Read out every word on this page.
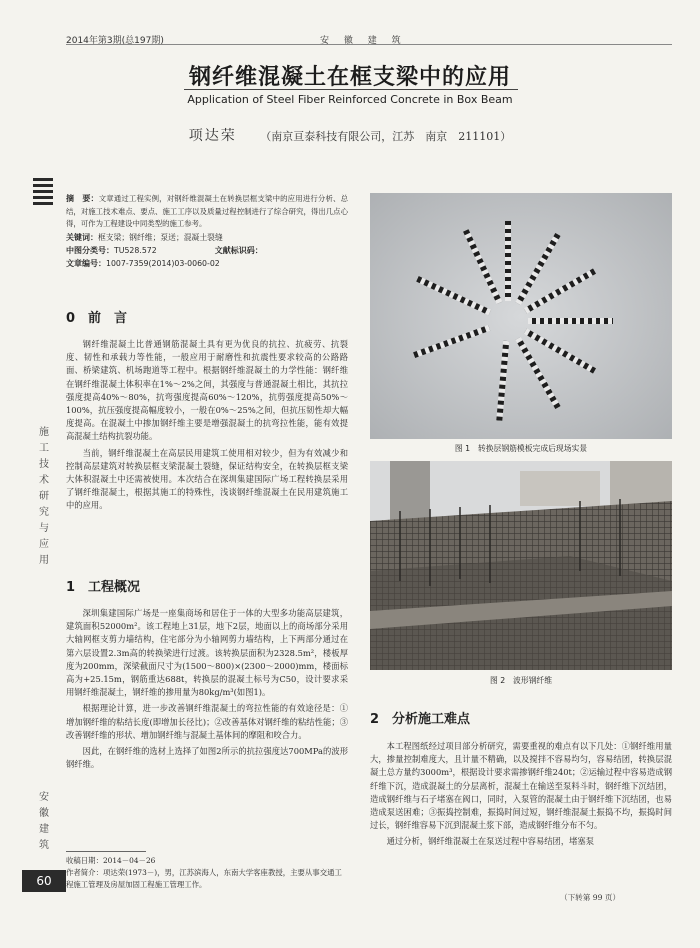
2014年第3期(总197期)	安 徽 建 筑
钢纤维混凝土在框支梁中的应用
Application of Steel Fiber Reinforced Concrete in Box Beam
项达荣 （南京亘泰科技有限公司，江苏　南京　211101）
施工技术研究与应用
安徽建筑
摘　要：文章通过工程实例，对钢纤维混凝土在转换层框支梁中的应用进行分析、总结，对施工技术难点、要点、施工工序以及质量过程控制进行了综合研究，得出几点心得，可作为工程建设中同类型的施工参考。
关键词：框支梁；钢纤维；泵送；混凝土裂缝
中图分类号：TU528.572	文献标识码：
文章编号：1007-7359(2014)03-0060-02
0　前　言

钢纤维混凝土比普通钢筋混凝土具有更为优良的抗拉、抗疲劳、抗裂度、韧性和承载力等性能，一般应用于耐磨性和抗震性要求较高的公路路面、桥梁建筑、机场跑道等工程中。根据钢纤维混凝土的力学性能：钢纤维在钢纤维混凝土体积率在1%～2%之间，其强度与普通混凝土相比，其抗拉强度提高40%～80%，抗弯强度提高60%～120%，抗剪强度提高50%～100%，抗压强度提高幅度较小，一般在0%～25%之间，但抗压韧性却大幅度提高。在混凝土中掺加钢纤维主要是增强混凝土的抗弯拉性能，能有效提高混凝土结构抗裂功能。

当前，钢纤维混凝土在高层民用建筑工使用相对较少，但为有效减少和控制高层建筑对转换层框支梁混凝土裂缝，保证结构安全，在转换层框支梁大体积混凝土中还需被使用。本次结合在深圳集建国际广场工程转换层采用了钢纤维混凝土，根据其施工的特殊性，浅谈钢纤维混凝土在民用建筑施工中的应用。

1　工程概况

深圳集建国际广场是一座集商场和居住于一体的大型多功能高层建筑，建筑面积52000m²。该工程地上31层，地下2层，地面以上的商场部分采用大轴网框支剪力墙结构，住宅部分为小轴网剪力墙结构，上下两部分通过在第六层设置2.3m高的转换梁进行过渡。该转换层面积为2328.5m²，楼板厚度为200mm，深梁截面尺寸为(1500～800)×(2300～2000)mm，楼面标高为+25.15m，钢筋重达688t，转换层的混凝土标号为C50，设计要求采用钢纤维混凝土，钢纤维的掺用量为80kg/m³(如图1)。

根据理论计算，进一步改善钢纤维混凝土的弯拉性能的有效途径是：①增加钢纤维的粘结长度(即增加长径比)；②改善基体对钢纤维的粘结性能；③改善钢纤维的形状、增加钢纤维与混凝土基体间的摩阻和咬合力。

因此，在钢纤维的选材上选择了如图2所示的抗拉强度达700MPa的波形钢纤维。

图 1　转换层钢筋模板完成后现场实景
图 2　波形钢纤维
2　分析施工难点

本工程图纸经过项目部分析研究，需要重视的难点有以下几处：①钢纤维用量大，掺量控制难度大，且计量不精确，以及搅拌不容易均匀，容易结团，转换层混凝土总方量约3000m³，根据设计要求需掺钢纤维240t；②运输过程中容易造成钢纤维下沉，造成混凝土的分层离析，混凝土在输送至泵料斗时，钢纤维下沉结团，造成钢纤维与石子堵塞在阀口，同时，入泵管的混凝土由于钢纤维下沉结团，也易造成泵送困难；③振捣控制难，振捣时间过短，钢纤维混凝土振捣不均，振捣时间过长，钢纤维容易下沉到混凝土浆下部，造成钢纤维分布不匀。

通过分析，钢纤维混凝土在泵送过程中容易结团，堵塞泵

（下转第 99 页）
收稿日期：2014－04－26
作者简介：项达荣(1973－)，男，江苏滨海人，东南大学客座教授，主要从事交通工程施工管理及房屋加固工程施工管理工作。
60
